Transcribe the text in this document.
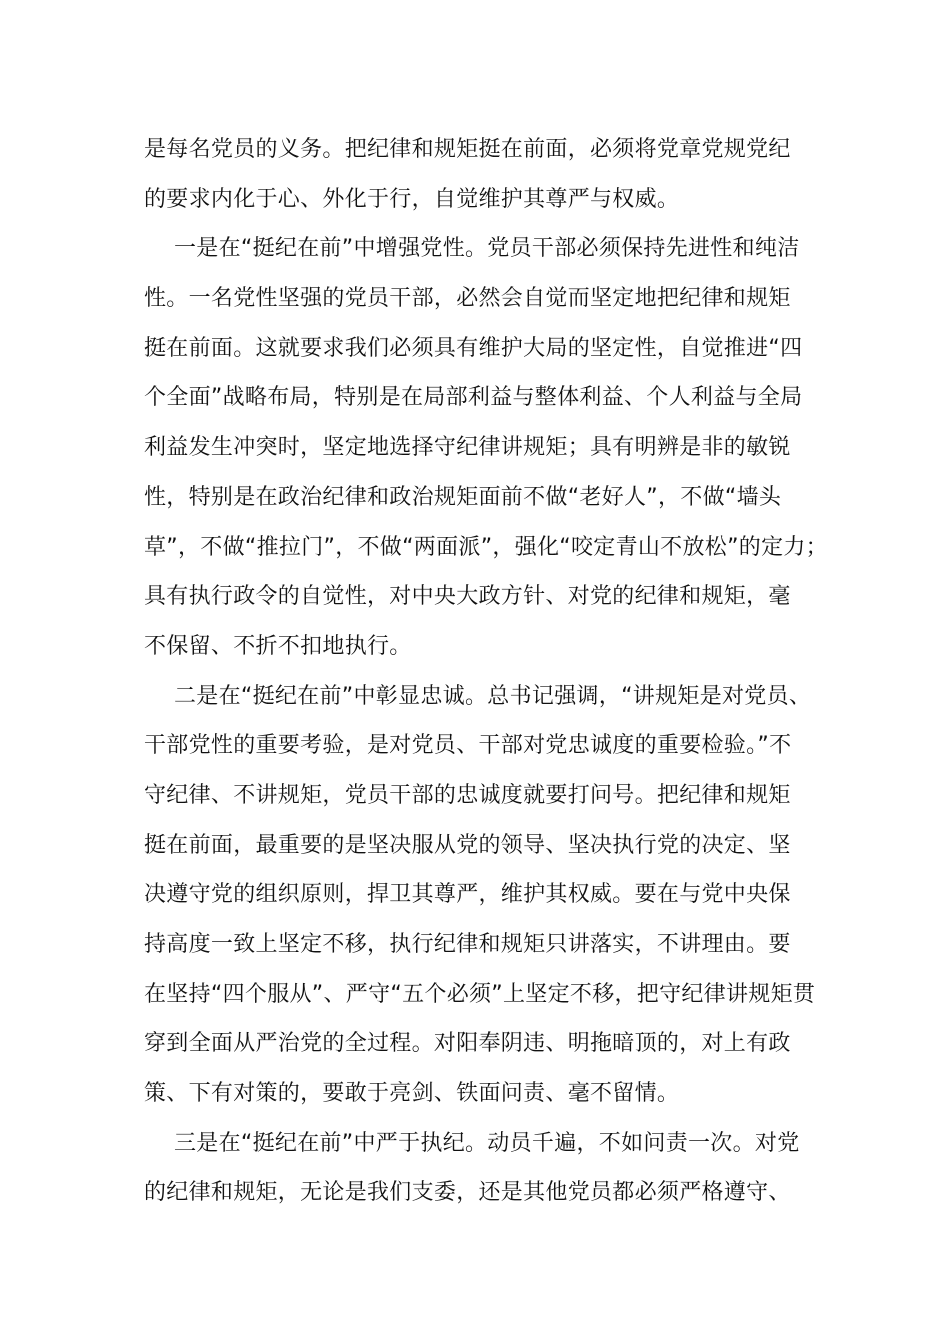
是每名党员的义务。把纪律和规矩挺在前面，必须将党章党规党纪
的要求内化于心、外化于行，自觉维护其尊严与权威。
一是在“挺纪在前”中增强党性。党员干部必须保持先进性和纯洁
性。一名党性坚强的党员干部，必然会自觉而坚定地把纪律和规矩
挺在前面。这就要求我们必须具有维护大局的坚定性，自觉推进“四
个全面”战略布局，特别是在局部利益与整体利益、个人利益与全局
利益发生冲突时，坚定地选择守纪律讲规矩；具有明辨是非的敏锐
性，特别是在政治纪律和政治规矩面前不做“老好人”，不做“墙头
草”，不做“推拉门”，不做“两面派”，强化“咬定青山不放松”的定力；
具有执行政令的自觉性，对中央大政方针、对党的纪律和规矩，毫
不保留、不折不扣地执行。
二是在“挺纪在前”中彰显忠诚。总书记强调，“讲规矩是对党员、
干部党性的重要考验，是对党员、干部对党忠诚度的重要检验。”不
守纪律、不讲规矩，党员干部的忠诚度就要打问号。把纪律和规矩
挺在前面，最重要的是坚决服从党的领导、坚决执行党的决定、坚
决遵守党的组织原则，捍卫其尊严，维护其权威。要在与党中央保
持高度一致上坚定不移，执行纪律和规矩只讲落实，不讲理由。要
在坚持“四个服从”、严守“五个必须”上坚定不移，把守纪律讲规矩贯
穿到全面从严治党的全过程。对阳奉阴违、明拖暗顶的，对上有政
策、下有对策的，要敢于亮剑、铁面问责、毫不留情。
三是在“挺纪在前”中严于执纪。动员千遍，不如问责一次。对党
的纪律和规矩，无论是我们支委，还是其他党员都必须严格遵守、
